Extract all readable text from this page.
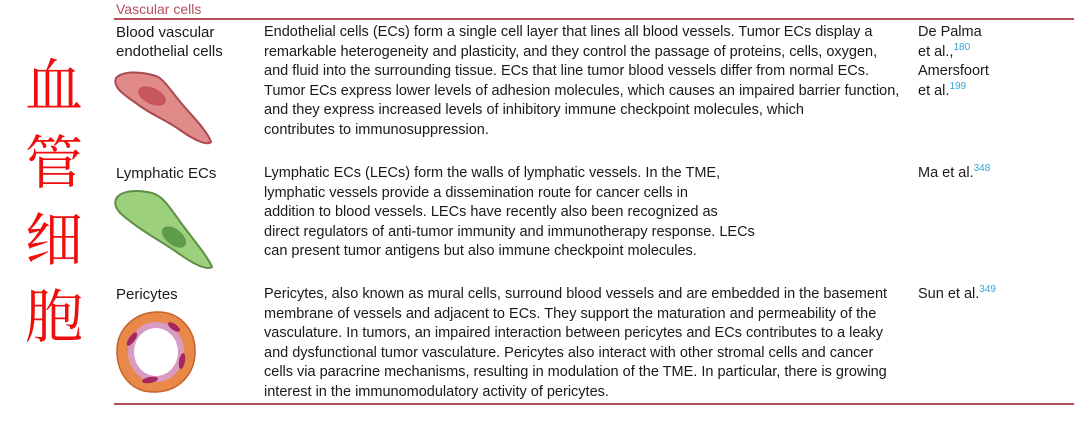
血
管
细
胞
Vascular cells
Blood vascular
endothelial cells
Endothelial cells (ECs) form a single cell layer that lines all blood vessels. Tumor ECs display a
remarkable heterogeneity and plasticity, and they control the passage of proteins, cells, oxygen,
and fluid into the surrounding tissue. ECs that line tumor blood vessels differ from normal ECs.
Tumor ECs express lower levels of adhesion molecules, which causes an impaired barrier function,
and they express increased levels of inhibitory immune checkpoint molecules, which
contributes to immunosuppression.

De Palma

et al.,$^{180}$

Amersfoort

et al.$^{199}$

Lymphatic ECs	Lymphatic ECs (LECs) form the walls of lymphatic vessels. In the TME,
lymphatic vessels provide a dissemination route for cancer cells in
addition to blood vessels. LECs have recently also been recognized as
direct regulators of anti-tumor immunity and immunotherapy response. LECs
can present tumor antigens but also immune checkpoint molecules.

Ma et al.$^{348}$

Pericytes	Pericytes, also known as mural cells, surround blood vessels and are embedded in the basement
membrane of vessels and adjacent to ECs. They support the maturation and permeability of the
vasculature. In tumors, an impaired interaction between pericytes and ECs contributes to a leaky
and dysfunctional tumor vasculature. Pericytes also interact with other stromal cells and cancer
cells via paracrine mechanisms, resulting in modulation of the TME. In particular, there is growing
interest in the immunomodulatory activity of pericytes.

Sun et al.$^{349}$
